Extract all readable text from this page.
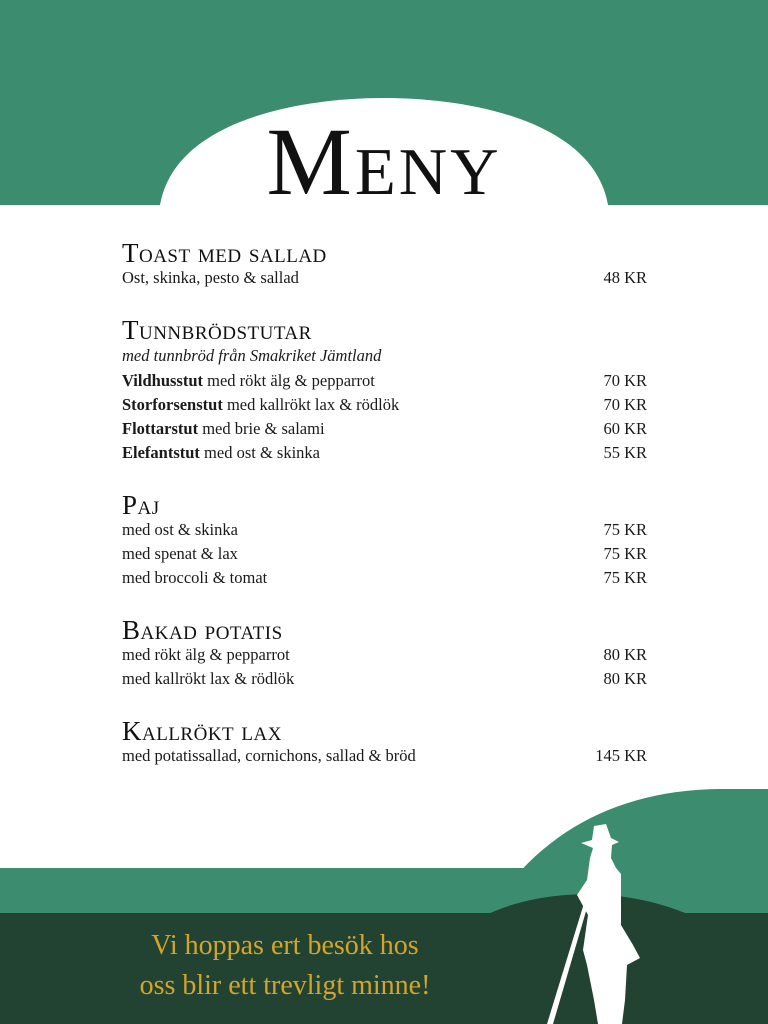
Meny
Toast med sallad
Ost, skinka, pesto & sallad	48 KR
Tunnbrödstutar
med tunnbröd från Smakriket Jämtland
Vildhusstut med rökt älg & pepparrot	70 KR
Storforsenstut med kallrökt lax & rödlök	70 KR
Flottarstut med brie & salami	60 KR
Elefantstut med ost & skinka	55 KR
Paj
med ost & skinka	75 KR
med spenat & lax	75 KR
med broccoli & tomat	75 KR
Bakad potatis
med rökt älg & pepparrot	80 KR
med kallrökt lax & rödlök	80 KR
Kallrökt lax
med potatissallad, cornichons, sallad & bröd	145 KR
Vi hoppas ert besök hos
oss blir ett trevligt minne!
